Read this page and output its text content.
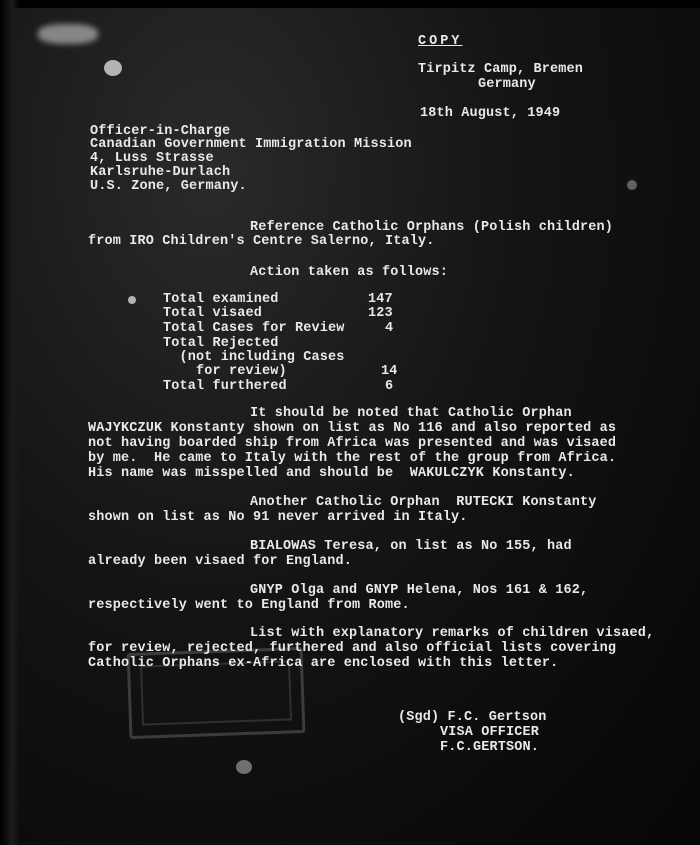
COPY
Tirpitz Camp, Bremen
Germany
18th August, 1949
Officer-in-Charge
Canadian Government Immigration Mission
4, Luss Strasse
Karlsruhe-Durlach
U.S. Zone, Germany.
Reference Catholic Orphans (Polish children)
from IRO Children's Centre Salerno, Italy.
Action taken as follows:
Total examined	147
Total visaed	123
Total Cases for Review	4
Total Rejected
(not including Cases
for review)	14
Total furthered	6
It should be noted that Catholic Orphan
WAJYKCZUK Konstanty shown on list as No 116 and also reported as
not having boarded ship from Africa was presented and was visaed
by me.  He came to Italy with the rest of the group from Africa.
His name was misspelled and should be  WAKULCZYK Konstanty.
Another Catholic Orphan  RUTECKI Konstanty
shown on list as No 91 never arrived in Italy.
BIALOWAS Teresa, on list as No 155, had
already been visaed for England.
GNYP Olga and GNYP Helena, Nos 161 & 162,
respectively went to England from Rome.
List with explanatory remarks of children visaed,
for review, rejected, furthered and also official lists covering
Catholic Orphans ex-Africa are enclosed with this letter.
(Sgd) F.C. Gertson
VISA OFFICER
F.C.GERTSON.
